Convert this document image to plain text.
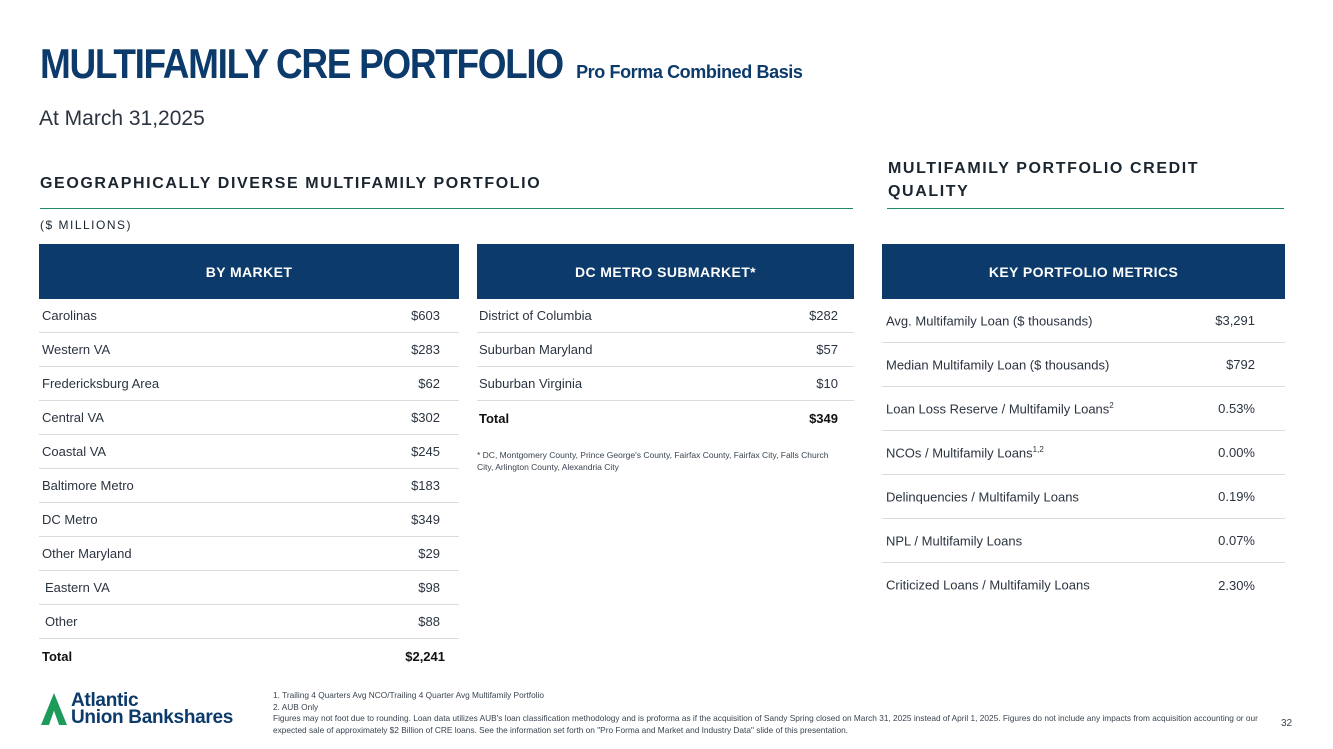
MULTIFAMILY CRE PORTFOLIO Pro Forma Combined Basis
At March 31,2025
GEOGRAPHICALLY DIVERSE MULTIFAMILY PORTFOLIO
MULTIFAMILY PORTFOLIO CREDIT QUALITY
($ MILLIONS)
BY MARKET
Carolinas	$603
Western VA	$283
Fredericksburg Area	$62
Central VA	$302
Coastal VA	$245
Baltimore Metro	$183
DC Metro	$349
Other Maryland	$29
Eastern VA	$98
Other	$88
Total	$2,241
DC METRO SUBMARKET*
District of Columbia	$282
Suburban Maryland	$57
Suburban Virginia	$10
Total	$349
* DC, Montgomery County, Prince George's County, Fairfax County, Fairfax City, Falls Church City, Arlington County, Alexandria City
KEY PORTFOLIO METRICS
Avg. Multifamily Loan ($ thousands)	$3,291
Median Multifamily Loan ($ thousands)	$792
Loan Loss Reserve / Multifamily Loans$^2$	0.53%
NCOs / Multifamily Loans$^{1,2}$	0.00%
Delinquencies / Multifamily Loans	0.19%
NPL / Multifamily Loans	0.07%
Criticized Loans / Multifamily Loans	2.30%
Atlantic
Union Bankshares
1. Trailing 4 Quarters Avg NCO/Trailing 4 Quarter Avg Multifamily Portfolio
2. AUB Only
Figures may not foot due to rounding. Loan data utilizes AUB's loan classification methodology and is proforma as if the acquisition of Sandy Spring closed on March 31, 2025 instead of April 1, 2025. Figures do not include any impacts from acquisition accounting or our expected sale of approximately $2 Billion of CRE loans. See the information set forth on "Pro Forma and Market and Industry Data" slide of this presentation.
32
